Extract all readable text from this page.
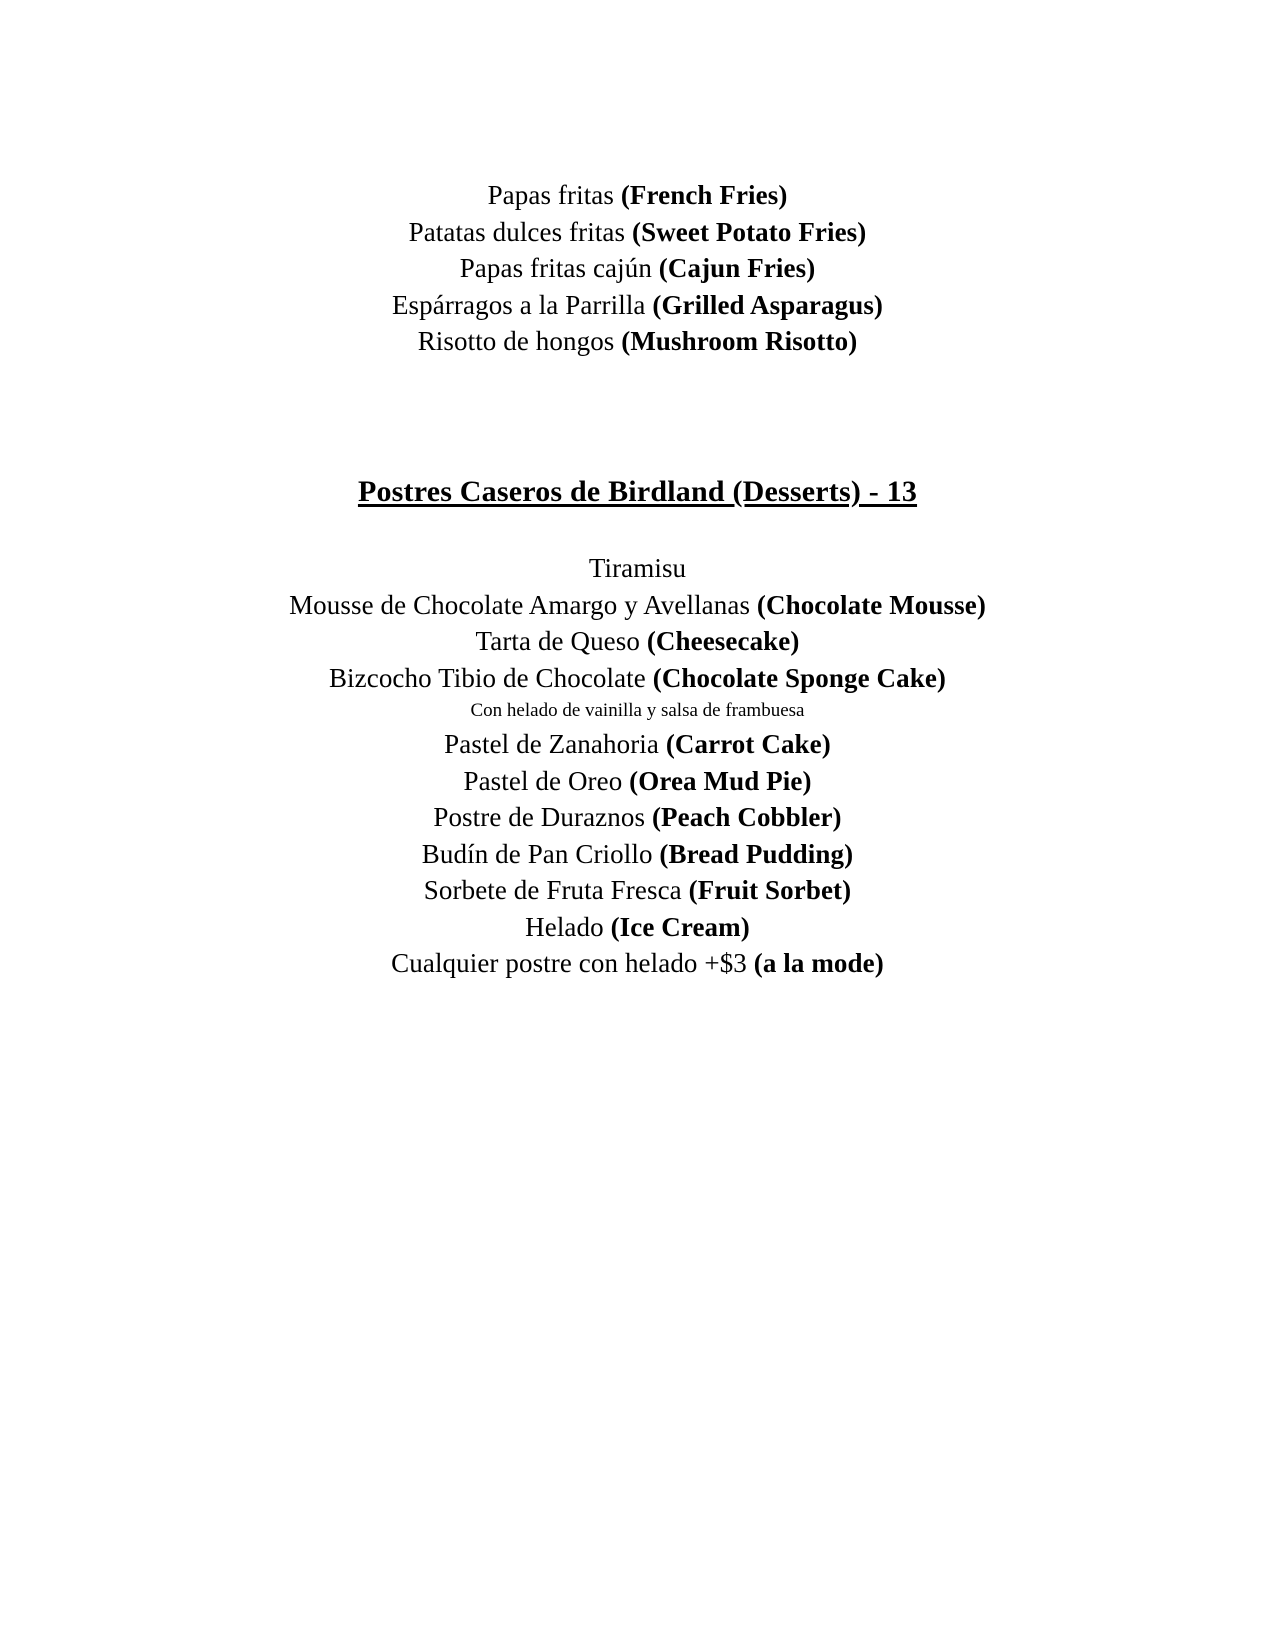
Papas fritas (French Fries)
Patatas dulces fritas (Sweet Potato Fries)
Papas fritas cajún (Cajun Fries)
Espárragos a la Parrilla (Grilled Asparagus)
Risotto de hongos (Mushroom Risotto)
Postres Caseros de Birdland (Desserts) - 13
Tiramisu
Mousse de Chocolate Amargo y Avellanas (Chocolate Mousse)
Tarta de Queso (Cheesecake)
Bizcocho Tibio de Chocolate (Chocolate Sponge Cake)
Con helado de vainilla y salsa de frambuesa
Pastel de Zanahoria (Carrot Cake)
Pastel de Oreo (Orea Mud Pie)
Postre de Duraznos (Peach Cobbler)
Budín de Pan Criollo (Bread Pudding)
Sorbete de Fruta Fresca (Fruit Sorbet)
Helado (Ice Cream)
Cualquier postre con helado +$3 (a la mode)
